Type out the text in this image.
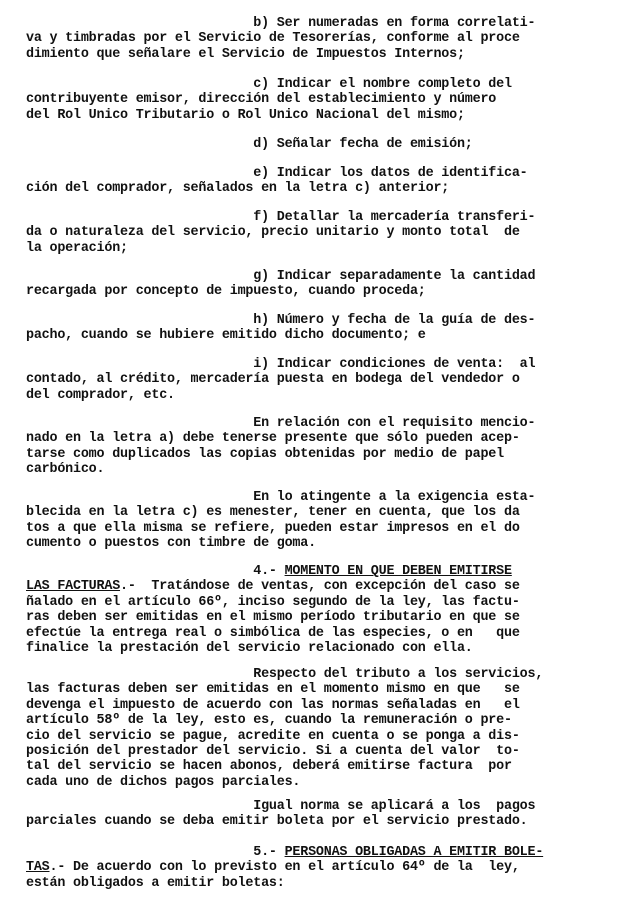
b) Ser numeradas en forma correlati-
va y timbradas por el Servicio de Tesorerías, conforme al proce
dimiento que señalare el Servicio de Impuestos Internos;
c) Indicar el nombre completo del
contribuyente emisor, dirección del establecimiento y número
del Rol Unico Tributario o Rol Unico Nacional del mismo;
d) Señalar fecha de emisión;
e) Indicar los datos de identifica-
ción del comprador, señalados en la letra c) anterior;
f) Detallar la mercadería transferi-
da o naturaleza del servicio, precio unitario y monto total  de
la operación;
g) Indicar separadamente la cantidad
recargada por concepto de impuesto, cuando proceda;
h) Número y fecha de la guía de des-
pacho, cuando se hubiere emitido dicho documento; e
i) Indicar condiciones de venta:  al
contado, al crédito, mercadería puesta en bodega del vendedor o
del comprador, etc.
En relación con el requisito mencio-
nado en la letra a) debe tenerse presente que sólo pueden acep-
tarse como duplicados las copias obtenidas por medio de papel
carbónico.
En lo atingente a la exigencia esta-
blecida en la letra c) es menester, tener en cuenta, que los da
tos a que ella misma se refiere, pueden estar impresos en el do
cumento o puestos con timbre de goma.
4.- MOMENTO EN QUE DEBEN EMITIRSE
LAS FACTURAS.-  Tratándose de ventas, con excepción del caso se
ñalado en el artículo 66º, inciso segundo de la ley, las factu-
ras deben ser emitidas en el mismo período tributario en que se
efectúe la entrega real o simbólica de las especies, o en   que
finalice la prestación del servicio relacionado con ella.
Respecto del tributo a los servicios,
las facturas deben ser emitidas en el momento mismo en que   se
devenga el impuesto de acuerdo con las normas señaladas en   el
artículo 58º de la ley, esto es, cuando la remuneración o pre-
cio del servicio se pague, acredite en cuenta o se ponga a dis-
posición del prestador del servicio. Si a cuenta del valor  to-
tal del servicio se hacen abonos, deberá emitirse factura  por
cada uno de dichos pagos parciales.
Igual norma se aplicará a los  pagos
parciales cuando se deba emitir boleta por el servicio prestado.
5.- PERSONAS OBLIGADAS A EMITIR BOLE-
TAS.- De acuerdo con lo previsto en el artículo 64º de la  ley,
están obligados a emitir boletas:
